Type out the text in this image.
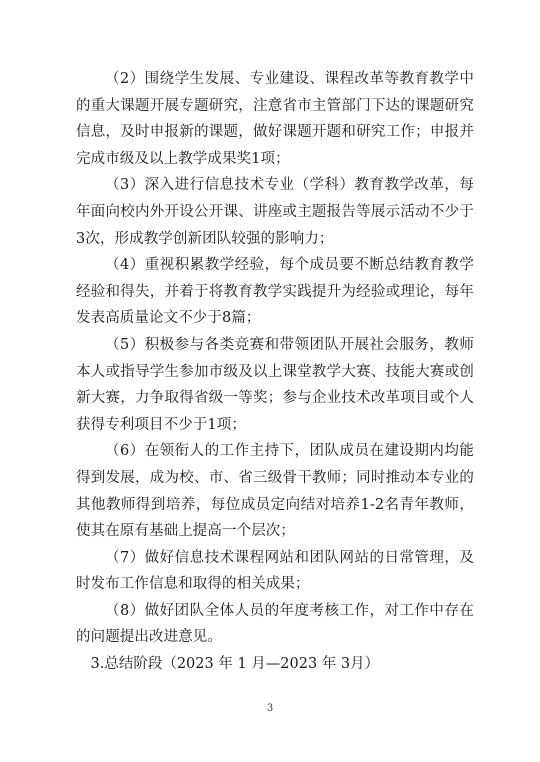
（2）围绕学生发展、专业建设、课程改革等教育教学中的重大课题开展专题研究，注意省市主管部门下达的课题研究信息，及时申报新的课题，做好课题开题和研究工作；申报并完成市级及以上教学成果奖1项；

（3）深入进行信息技术专业（学科）教育教学改革，每年面向校内外开设公开课、讲座或主题报告等展示活动不少于3次，形成教学创新团队较强的影响力；

（4）重视积累教学经验，每个成员要不断总结教育教学经验和得失，并着于将教育教学实践提升为经验或理论，每年发表高质量论文不少于8篇；

（5）积极参与各类竞赛和带领团队开展社会服务，教师本人或指导学生参加市级及以上课堂教学大赛、技能大赛或创新大赛，力争取得省级一等奖；参与企业技术改革项目或个人获得专利项目不少于1项；

（6）在领衔人的工作主持下，团队成员在建设期内均能得到发展，成为校、市、省三级骨干教师；同时推动本专业的其他教师得到培养，每位成员定向结对培养1-2名青年教师，使其在原有基础上提高一个层次；

（7）做好信息技术课程网站和团队网站的日常管理，及时发布工作信息和取得的相关成果；

（8）做好团队全体人员的年度考核工作，对工作中存在的问题提出改进意见。

3.总结阶段（2023 年 1 月—2023 年 3月）

3
